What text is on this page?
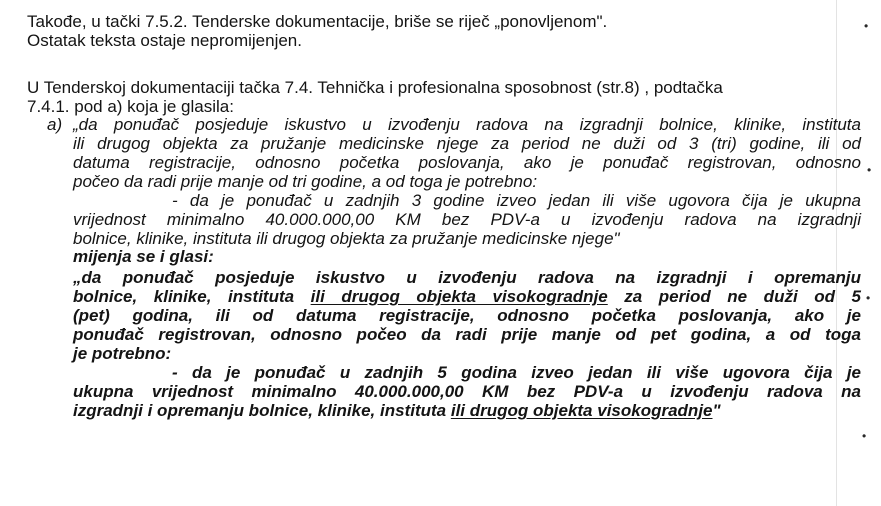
Takođe, u tački 7.5.2. Tenderske dokumentacije, briše se riječ „ponovljenom".

Ostatak teksta ostaje nepromijenjen.

U Tenderskoj dokumentaciji tačka 7.4. Tehnička i profesionalna sposobnost (str.8) , podtačka

7.4.1. pod a) koja je glasila:

a) „da ponuđač posjeduje iskustvo u izvođenju radova na izgradnji bolnice, klinike, instituta
ili drugog objekta za pružanje medicinske njege za period ne duži od 3 (tri) godine, ili od
datuma registracije, odnosno početka poslovanja, ako je ponuđač registrovan, odnosno

počeo da radi prije manje od tri godine, a od toga je potrebno:

- da je ponuđač u zadnjih 3 godine izveo jedan ili više ugovora čija je ukupna
vrijednost minimalno 40.000.000,00 KM bez PDV-a u izvođenju radova na izgradnji

bolnice, klinike, instituta ili drugog objekta za pružanje medicinske njege"

mijenja se i glasi:

„da ponuđač posjeduje iskustvo u izvođenju radova na izgradnji i opremanju
bolnice, klinike, instituta ili drugog objekta visokogradnje za period ne duži od 5
(pet) godina, ili od datuma registracije, odnosno početka poslovanja, ako je
ponuđač registrovan, odnosno počeo da radi prije manje od pet godina, a od toga

je potrebno:

- da je ponuđač u zadnjih 5 godina izveo jedan ili više ugovora čija je
ukupna vrijednost minimalno 40.000.000,00 KM bez PDV-a u izvođenju radova na

izgradnji i opremanju bolnice, klinike, instituta ili drugog objekta visokogradnje"

•
•
•
•
